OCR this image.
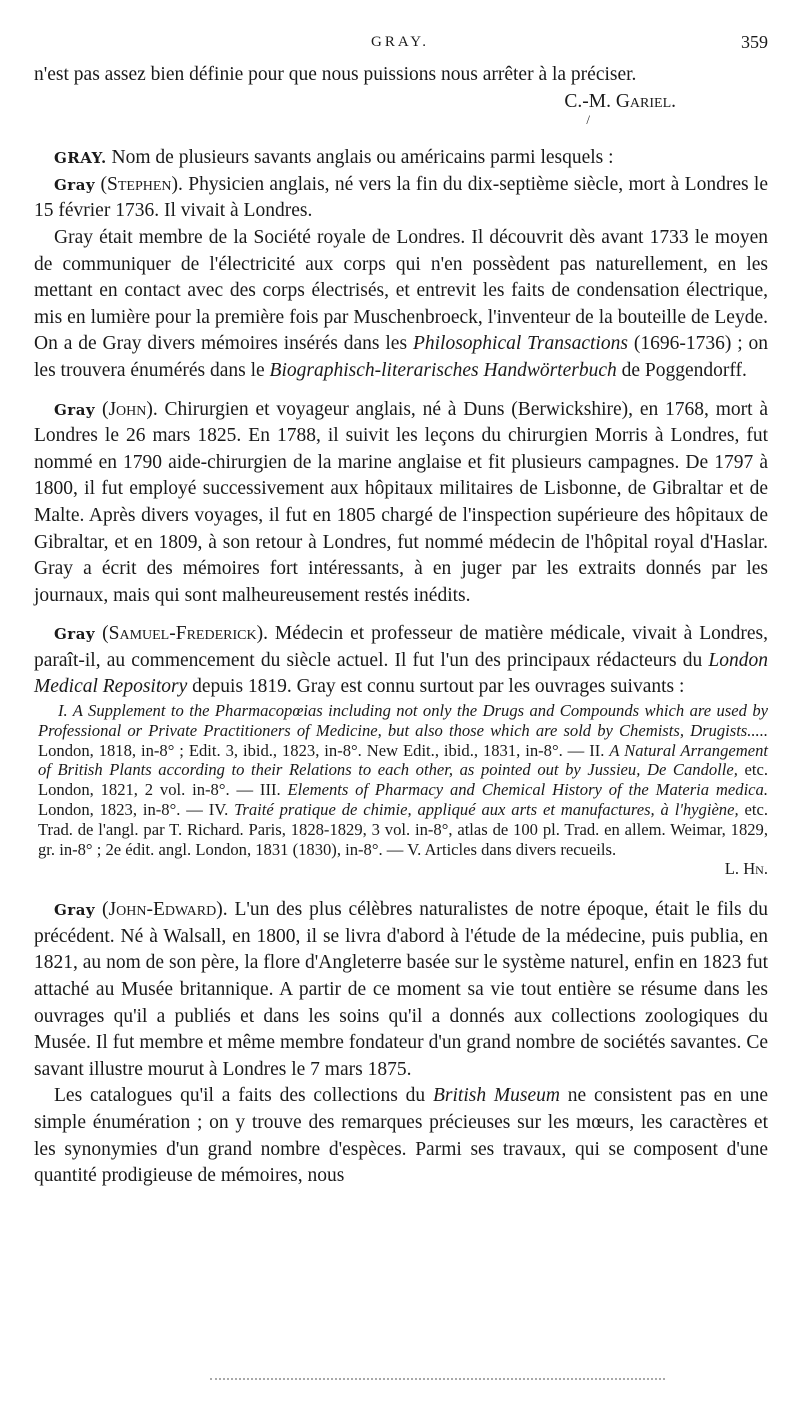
GRAY.	359

n'est pas assez bien définie pour que nous puissions nous arrêter à la préciser.
C.-M. Gariel.

/

GRAY. Nom de plusieurs savants anglais ou américains parmi lesquels :

Gray (Stephen). Physicien anglais, né vers la fin du dix-septième siècle, mort à Londres le 15 février 1736. Il vivait à Londres.

Gray était membre de la Société royale de Londres. Il découvrit dès avant 1733 le moyen de communiquer de l'électricité aux corps qui n'en possèdent pas naturellement, en les mettant en contact avec des corps électrisés, et entrevit les faits de condensation électrique, mis en lumière pour la première fois par Muschenbroeck, l'inventeur de la bouteille de Leyde. On a de Gray divers mémoires insérés dans les Philosophical Transactions (1696-1736) ; on les trouvera énumérés dans le Biographisch-literarisches Handwörterbuch de Poggendorff.

Gray (John). Chirurgien et voyageur anglais, né à Duns (Berwickshire), en 1768, mort à Londres le 26 mars 1825. En 1788, il suivit les leçons du chirurgien Morris à Londres, fut nommé en 1790 aide-chirurgien de la marine anglaise et fit plusieurs campagnes. De 1797 à 1800, il fut employé successivement aux hôpitaux militaires de Lisbonne, de Gibraltar et de Malte. Après divers voyages, il fut en 1805 chargé de l'inspection supérieure des hôpitaux de Gibraltar, et en 1809, à son retour à Londres, fut nommé médecin de l'hôpital royal d'Haslar. Gray a écrit des mémoires fort intéressants, à en juger par les extraits donnés par les journaux, mais qui sont malheureusement restés inédits.

Gray (Samuel-Frederick). Médecin et professeur de matière médicale, vivait à Londres, paraît-il, au commencement du siècle actuel. Il fut l'un des principaux rédacteurs du London Medical Repository depuis 1819. Gray est connu surtout par les ouvrages suivants :

I. A Supplement to the Pharmacopœias including not only the Drugs and Compounds which are used by Professional or Private Practitioners of Medicine, but also those which are sold by Chemists, Drugists..... London, 1818, in-8° ; Edit. 3, ibid., 1823, in-8°. New Edit., ibid., 1831, in-8°. — II. A Natural Arrangement of British Plants according to their Relations to each other, as pointed out by Jussieu, De Candolle, etc. London, 1821, 2 vol. in-8°. — III. Elements of Pharmacy and Chemical History of the Materia medica. London, 1823, in-8°. — IV. Traité pratique de chimie, appliqué aux arts et manufactures, à l'hygiène, etc. Trad. de l'angl. par T. Richard. Paris, 1828-1829, 3 vol. in-8°, atlas de 100 pl. Trad. en allem. Weimar, 1829, gr. in-8° ; 2e édit. angl. London, 1831 (1830), in-8°. — V. Articles dans divers recueils.
L. Hn.

Gray (John-Edward). L'un des plus célèbres naturalistes de notre époque, était le fils du précédent. Né à Walsall, en 1800, il se livra d'abord à l'étude de la médecine, puis publia, en 1821, au nom de son père, la flore d'Angleterre basée sur le système naturel, enfin en 1823 fut attaché au Musée britannique. A partir de ce moment sa vie tout entière se résume dans les ouvrages qu'il a publiés et dans les soins qu'il a donnés aux collections zoologiques du Musée. Il fut membre et même membre fondateur d'un grand nombre de sociétés savantes. Ce savant illustre mourut à Londres le 7 mars 1875.

Les catalogues qu'il a faits des collections du British Museum ne consistent pas en une simple énumération ; on y trouve des remarques précieuses sur les mœurs, les caractères et les synonymies d'un grand nombre d'espèces. Parmi ses travaux, qui se composent d'une quantité prodigieuse de mémoires, nous
